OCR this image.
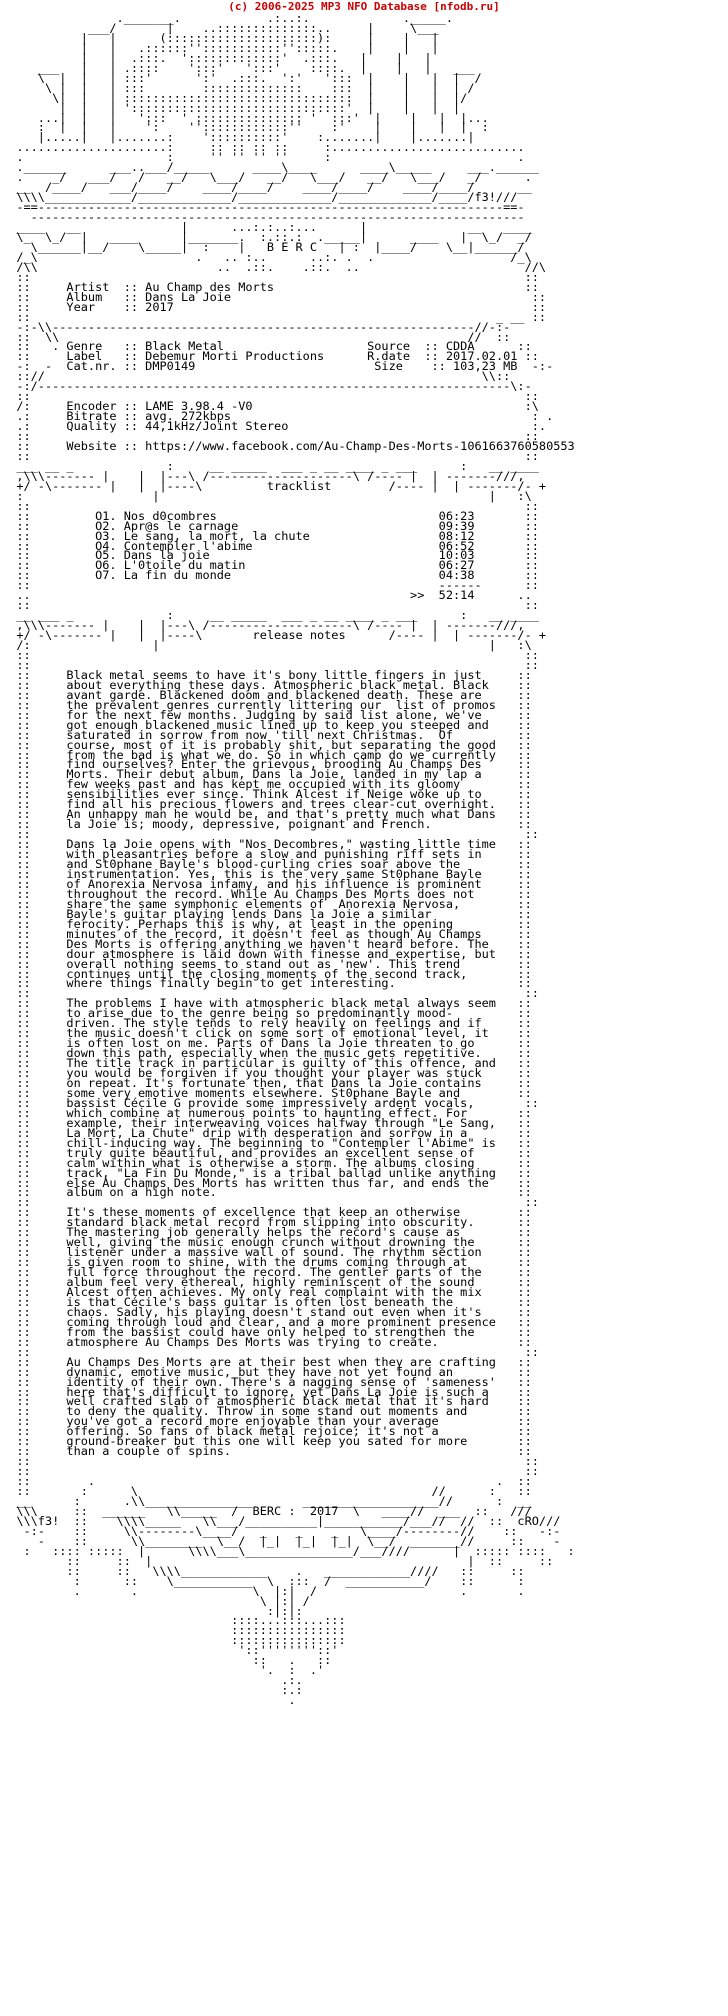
(c) 2006-2025 MP3 NFO Database [nfodb.ru]
._______.            .:..:.             ._____.
___/       |    ..::::::::::::::..     |     \___
|   |      (:::::::::::::::::::::):     |    |   |
|   |   .::::::'':::::::::::'':::::.    |    |   |
|   |  .:::.  ':::::::::::::'  .:::.   |    |   |
___   |   | .::::    ':::'   ':::'    ::::.  |    |   |   ___
\  |  |   | :::'      ':'  .:::.  ':'   ':::  |    |   |  |  /
\ |  |   | :::        ::::::::::::::    :::  |    |   |  | /
\|  |   | ::::::::::::::::::::::::::::::::  |    |   |  |/
|  |   | '::::::::::::::::::::::::::::::'  |    |   |  |
...|  |   |   ':::  ' ::::::::::::::: '  :::'  |    |   |  |...
:  |  |   |    ':    ''::::::::::::''    :'    |    |   |  |  :
|.....|   |.......:    '::::::::::'    :.......|    |.......|
.....................:     :: :: :: ::     :...........................
.                    :     '' '' '' ''     :                          .
.______      ___..___/_____      ____\____      ____\_____     ___.______
.    _/   ___/   /   __/   \___/   __/   \___/   __/   \___/   _/      .
__  /____/   ___/____/    ____/____/    ____/____/    ____/____/      __
\\\\____________/_____________/_____________/_____________/____/f3!///
-==-----------------------------------------------------------------==-
---------------------------------------------------------------------
____   __              |      ...:.:..:...      |              __   ____
\_  \_/  |   ____      |_______.  :.::.:  ._____|      ____   |  \_/  _/
\______|__/    \_____|  :    |   B E R C   | :  |____/    \__|______/
/_\                      .   .. :..      ..:. .  .                   /_\
/\\                         ..  .::.    .::.  ..                       //\
::                                                                     ::
::     Artist  :: Au Champ des Morts                                   ::
::     Album   :: Dans La Joie                                          ::
::     Year    :: 2017                                                  ::
::                                                                 _ __ ::
-:-\\-----------------------------------------------------------//-:-
::  \\                                                         //  ::
::   . Genre   :: Black Metal                    Source  :: CDDA      ::
::     Label   :: Debemur Morti Productions      R.date  :: 2017.02.01 ::
-:  -  Cat.nr. :: DMP0149                         Size    :: 103,23 MB  -:-
:://                                                             \\::
-:/------------------------------------------------------------------\:-
::                                                                     ::
/:     Encoder :: LAME 3.98.4 -V0                                      :\
.:     Bitrate :: avg. 272kbps                                          : .
.:     Quality :: 44,1kHz/Joint Stereo                                  :.
::                                                                     ::
::     Website :: https://www.facebook.com/Au-Champ-Des-Morts-1061663760580553
::                                                                     ::
___ __ _             :     __ _____  ___ _ __ ____ _ ___      :   __ ____
,\\\------- |    |  |---\ /--------------------\ /---- |  | -------///,
+/ -\------- |   |  |----\         tracklist        /---- |  | -------/- +
:                  |                                              |   :\
::                                                                     ::
::         O1. Nos d0combres                               06:23       ::
::         O2. Apr@s le carnage                            09:39       ::
::         O3. Le sang, la mort, la chute                  08:12       ::
::         O4. Contempler l'abime                          06:52       ::
::         O5. Dans la joie                                10:03       ::
::         O6. L'0toile du matin                           06:27       ::
::         O7. La fin du monde                             04:38       ::
::                                                         ------      ::
..                                                     >>  52:14      ..
::                                                                     ::
__ ___ _             :     __ _____  ___ _ __ ____ _ ___      :   __ ____
,\\\------- |    |  |---\ /--------------------\ /---- |  | -------///,
+/ -\------- |   |  |----\       release notes      /---- |  | -------/- +
/:                 |                                              |   :\
::                                                                     ::
::                                                                     ::
::     Black metal seems to have it's bony little fingers in just     ::
::     about everything these days. Atmospheric black metal. Black    ::
::     avant garde. Blackened doom and blackened death. These are     ::
::     the prevalent genres currently littering our  list of promos   ::
::     for the next few months. Judging by said list alone, we've     ::
::     got enough blackened music lined up to keep you steeped and    ::
::     saturated in sorrow from now 'till next Christmas.  Of         ::
::     course, most of it is probably shit, but separating the good   ::
::     from the bad is what we do. So in which camp do we currently   ::
::     find ourselves? Enter the grievous, brooding Au Champs Des     ::
::     Morts. Their debut album, Dans la Joie, landed in my lap a     ::
::     few weeks past and has kept me occupied with its gloomy        ::
::     sensibilities ever since. Think Alcest if Neige woke up to     ::
::     find all his precious flowers and trees clear-cut overnight.   ::
::     An unhappy man he would be, and that's pretty much what Dans   ::
::     la Joie is; moody, depressive, poignant and French.            ::
::                                                                     ::
::     Dans la Joie opens with "Nos Decombres," wasting little time   ::
::     with pleasantries before a slow and punishing riff sets in     ::
::     and St0phane Bayle's blood-curling cries soar above the        ::
::     instrumentation. Yes, this is the very same St0phane Bayle     ::
::     of Anorexia Nervosa infamy, and his influence is prominent     ::
::     throughout the record. While Au Champs Des Morts does not      ::
::     share the same symphonic elements of  Anorexia Nervosa,        ::
::     Bayle's guitar playing lends Dans la Joie a similar            ::
::     ferocity. Perhaps this is why, at least in the opening         ::
::     minutes of the record, it doesn't feel as though Au Champs     ::
::     Des Morts is offering anything we haven't heard before. The    ::
::     dour atmosphere is laid down with finesse and expertise, but   ::
::     overall nothing seems to stand out as 'new'. This trend        ::
::     continues until the closing moments of the second track,       ::
::     where things finally begin to get interesting.                 ::
::                                                                     ::
::     The problems I have with atmospheric black metal always seem   ::
::     to arise due to the genre being so predominantly mood-         ::
::     driven. The style tends to rely heavily on feelings and if     ::
::     the music doesn't click on some sort of emotional level, it    ::
::     is often lost on me. Parts of Dans la Joie threaten to go      ::
::     down this path, especially when the music gets repetitive.     ::
::     The title track in particular is guilty of this offence, and   ::
::     you would be forgiven if you thought your player was stuck     ::
::     on repeat. It's fortunate then, that Dans la Joie contains     ::
::     some very emotive moments elsewhere. St0phane Bayle and        ::
::     bassist Cécile G provide some impressively ardent vocals,       ::
::     which combine at numerous points to haunting effect. For       ::
::     example, their interweaving voices halfway through "Le Sang,   ::
::     La Mort, La Chute" drip with desperation and sorrow in a       ::
::     chill-inducing way. The beginning to "Contempler l'Abime" is   ::
::     truly quite beautiful, and provides an excellent sense of      ::
::     calm within what is otherwise a storm. The albums closing      ::
::     track, "La Fin Du Monde," is a tribal ballad unlike anything   ::
::     else Au Champs Des Morts has written thus far, and ends the    ::
::     album on a high note.                                          ::
::                                                                     ::
::     It's these moments of excellence that keep an otherwise        ::
::     standard black metal record from slipping into obscurity.      ::
::     The mastering job generally helps the record's cause as        ::
::     well, giving the music enough crunch without drowning the      ::
::     listener under a massive wall of sound. The rhythm section     ::
::     is given room to shine, with the drums coming through at       ::
::     full force throughout the record. The gentler parts of the     ::
::     album feel very ethereal, highly reminiscent of the sound      ::
::     Alcest often achieves. My only real complaint with the mix     ::
::     is that Cécile's bass guitar is often lost beneath the         ::
::     chaos. Sadly, his playing doesn't stand out even when it's     ::
::     coming through loud and clear, and a more prominent presence   ::
::     from the bassist could have only helped to strengthen the      ::
::     atmosphere Au Champs Des Morts was trying to create.           ::
::                                                                     ::
::     Au Champs Des Morts are at their best when they are crafting   ::
::     dynamic, emotive music, but they have not yet found an         ::
::     identity of their own. There's a nagging sense of 'sameness'   ::
::     here that's difficult to ignore, yet Dans La Joie is such a    ::
::     well crafted slab of atmospheric black metal that it's hard    ::
::     to deny the quality. Throw in some stand out moments and       ::
::     you've got a record more enjoyable than your average           ::
::     offering. So fans of black metal rejoice; it's not a           ::
::     ground-breaker but this one will keep you sated for more       ::
::     than a couple of spins.                                        ::
::                                                                     ::
::                                                                     ::
::        .                                                        .  ::
::       :      \                                         //      :   ::
__      :      .\\_______________       ___________________//      :  __
\\\     ::  ______   \\_____  /  BERC :  2017  \   ____//  ___  ::   ///
\\\f3!  ::    \\\\_____   \\___/__________|___________/___//  //  ::  cRO///
-:-    ::     \\--------\____/   _    _    _   \____/--------//    ::   -:-
-    ::      \\________  \__/  |_|  |_|  |_|  \__/  _______//     ::    -
:   :::: :::::  |      \\\\___\_______________/___////      |  ::::: ::::   :
::     ::  |                                            |  ::     ::
::     ::   \\\\____________    .   ____________////   ::     ::
:      ::    \___________  \  :::  /  ___________/    ::      :
.       .                \  |:|  /                    .       .
\ |:| /
:|:|:
::::...:::...:::
::::::::::::::::
::::::::::::::::
'::''''''''::'
::   .   ::
'.  :  .'
.:.
:.:
.
